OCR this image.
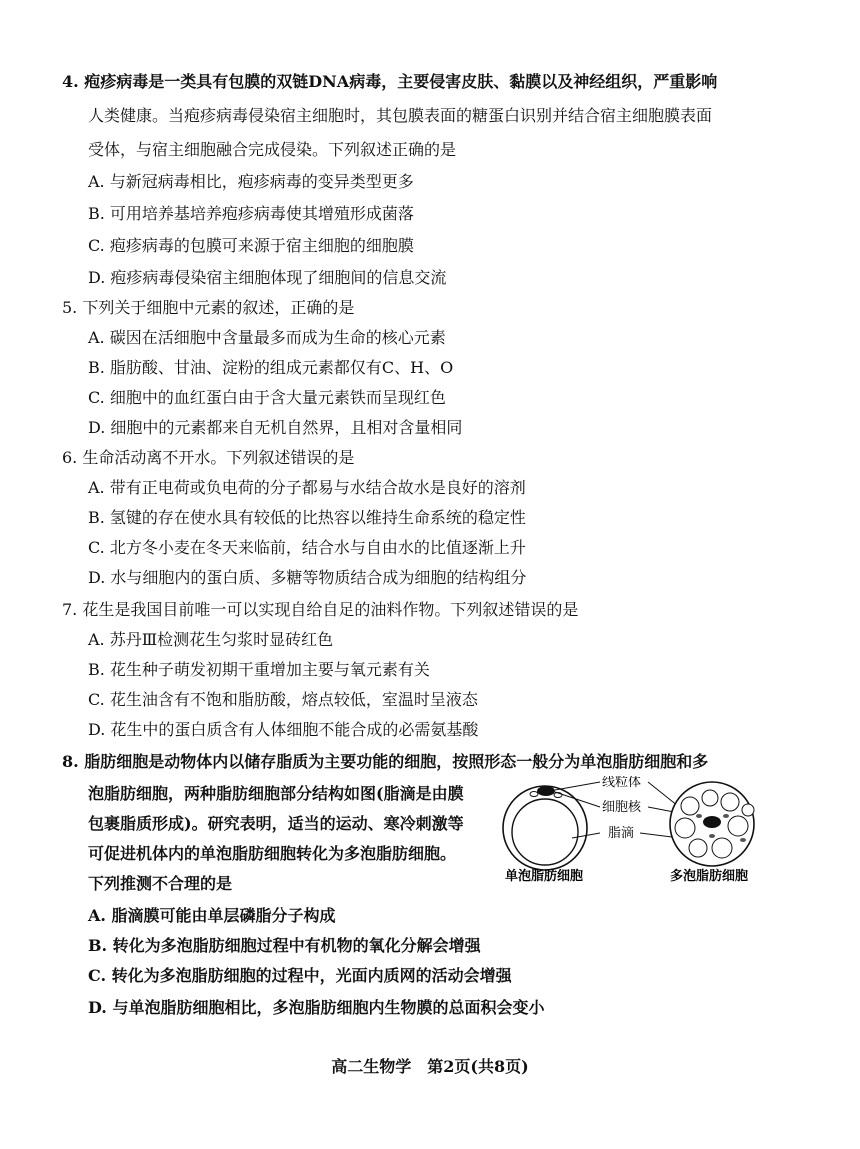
4. 疱疹病毒是一类具有包膜的双链DNA病毒，主要侵害皮肤、黏膜以及神经组织，严重影响
人类健康。当疱疹病毒侵染宿主细胞时，其包膜表面的糖蛋白识别并结合宿主细胞膜表面
受体，与宿主细胞融合完成侵染。下列叙述正确的是
A. 与新冠病毒相比，疱疹病毒的变异类型更多
B. 可用培养基培养疱疹病毒使其增殖形成菌落
C. 疱疹病毒的包膜可来源于宿主细胞的细胞膜
D. 疱疹病毒侵染宿主细胞体现了细胞间的信息交流
5. 下列关于细胞中元素的叙述，正确的是
A. 碳因在活细胞中含量最多而成为生命的核心元素
B. 脂肪酸、甘油、淀粉的组成元素都仅有C、H、O
C. 细胞中的血红蛋白由于含大量元素铁而呈现红色
D. 细胞中的元素都来自无机自然界，且相对含量相同
6. 生命活动离不开水。下列叙述错误的是
A. 带有正电荷或负电荷的分子都易与水结合故水是良好的溶剂
B. 氢键的存在使水具有较低的比热容以维持生命系统的稳定性
C. 北方冬小麦在冬天来临前，结合水与自由水的比值逐渐上升
D. 水与细胞内的蛋白质、多糖等物质结合成为细胞的结构组分
7. 花生是我国目前唯一可以实现自给自足的油料作物。下列叙述错误的是
A. 苏丹Ⅲ检测花生匀浆时显砖红色
B. 花生种子萌发初期干重增加主要与氧元素有关
C. 花生油含有不饱和脂肪酸，熔点较低，室温时呈液态
D. 花生中的蛋白质含有人体细胞不能合成的必需氨基酸
8. 脂肪细胞是动物体内以储存脂质为主要功能的细胞，按照形态一般分为单泡脂肪细胞和多
泡脂肪细胞，两种脂肪细胞部分结构如图(脂滴是由膜
包裹脂质形成)。研究表明，适当的运动、寒冷刺激等
可促进机体内的单泡脂肪细胞转化为多泡脂肪细胞。
下列推测不合理的是
A. 脂滴膜可能由单层磷脂分子构成
B. 转化为多泡脂肪细胞过程中有机物的氧化分解会增强
C. 转化为多泡脂肪细胞的过程中，光面内质网的活动会增强
D. 与单泡脂肪细胞相比，多泡脂肪细胞内生物膜的总面积会变小
线粒体
细胞核
脂滴
单泡脂肪细胞	多泡脂肪细胞
高二生物学　第2页(共8页)
